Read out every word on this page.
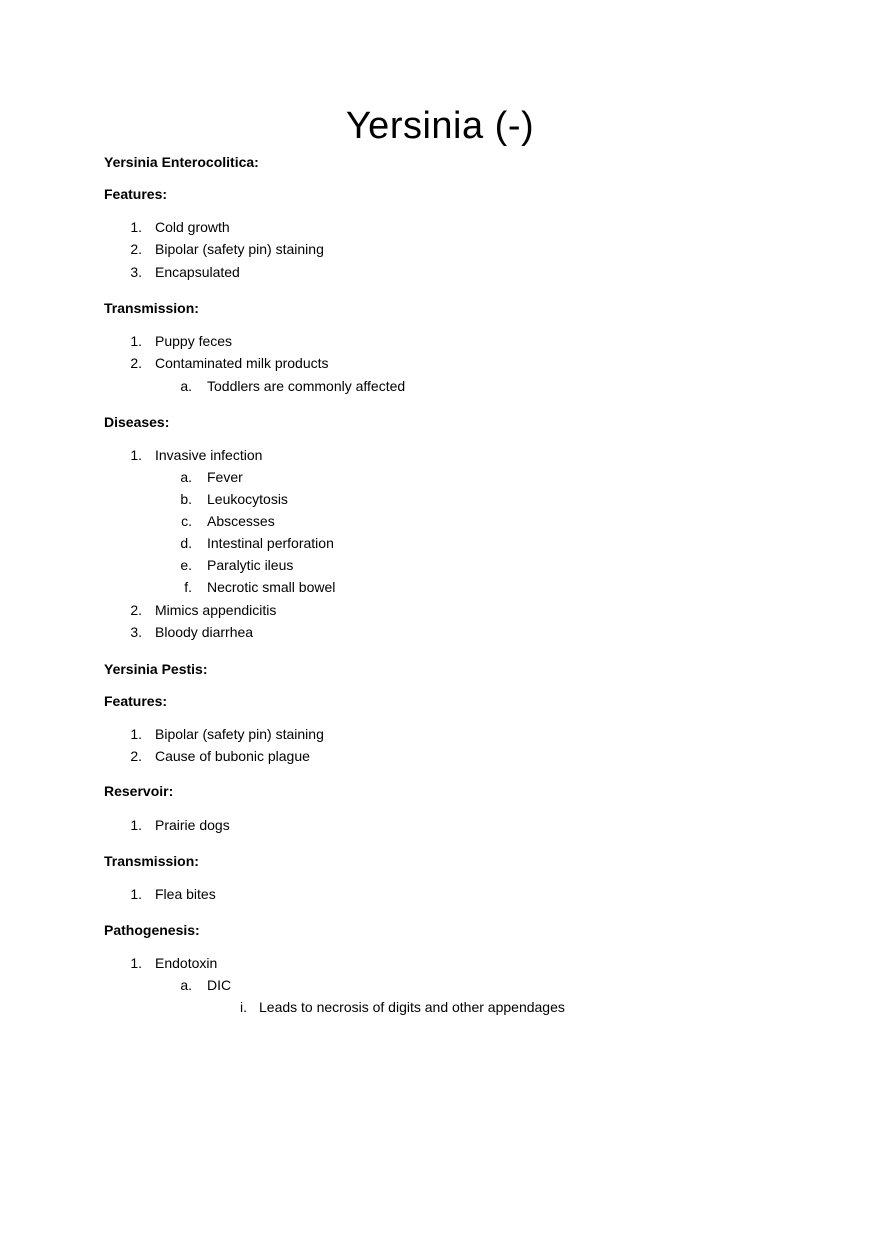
Yersinia (-)
Yersinia Enterocolitica:
Features:
1. Cold growth
2. Bipolar (safety pin) staining
3. Encapsulated
Transmission:
1. Puppy feces
2. Contaminated milk products
a. Toddlers are commonly affected
Diseases:
1. Invasive infection
a. Fever
b. Leukocytosis
c. Abscesses
d. Intestinal perforation
e. Paralytic ileus
f. Necrotic small bowel
2. Mimics appendicitis
3. Bloody diarrhea
Yersinia Pestis:
Features:
1. Bipolar (safety pin) staining
2. Cause of bubonic plague
Reservoir:
1. Prairie dogs
Transmission:
1. Flea bites
Pathogenesis:
1. Endotoxin
a. DIC
i. Leads to necrosis of digits and other appendages
